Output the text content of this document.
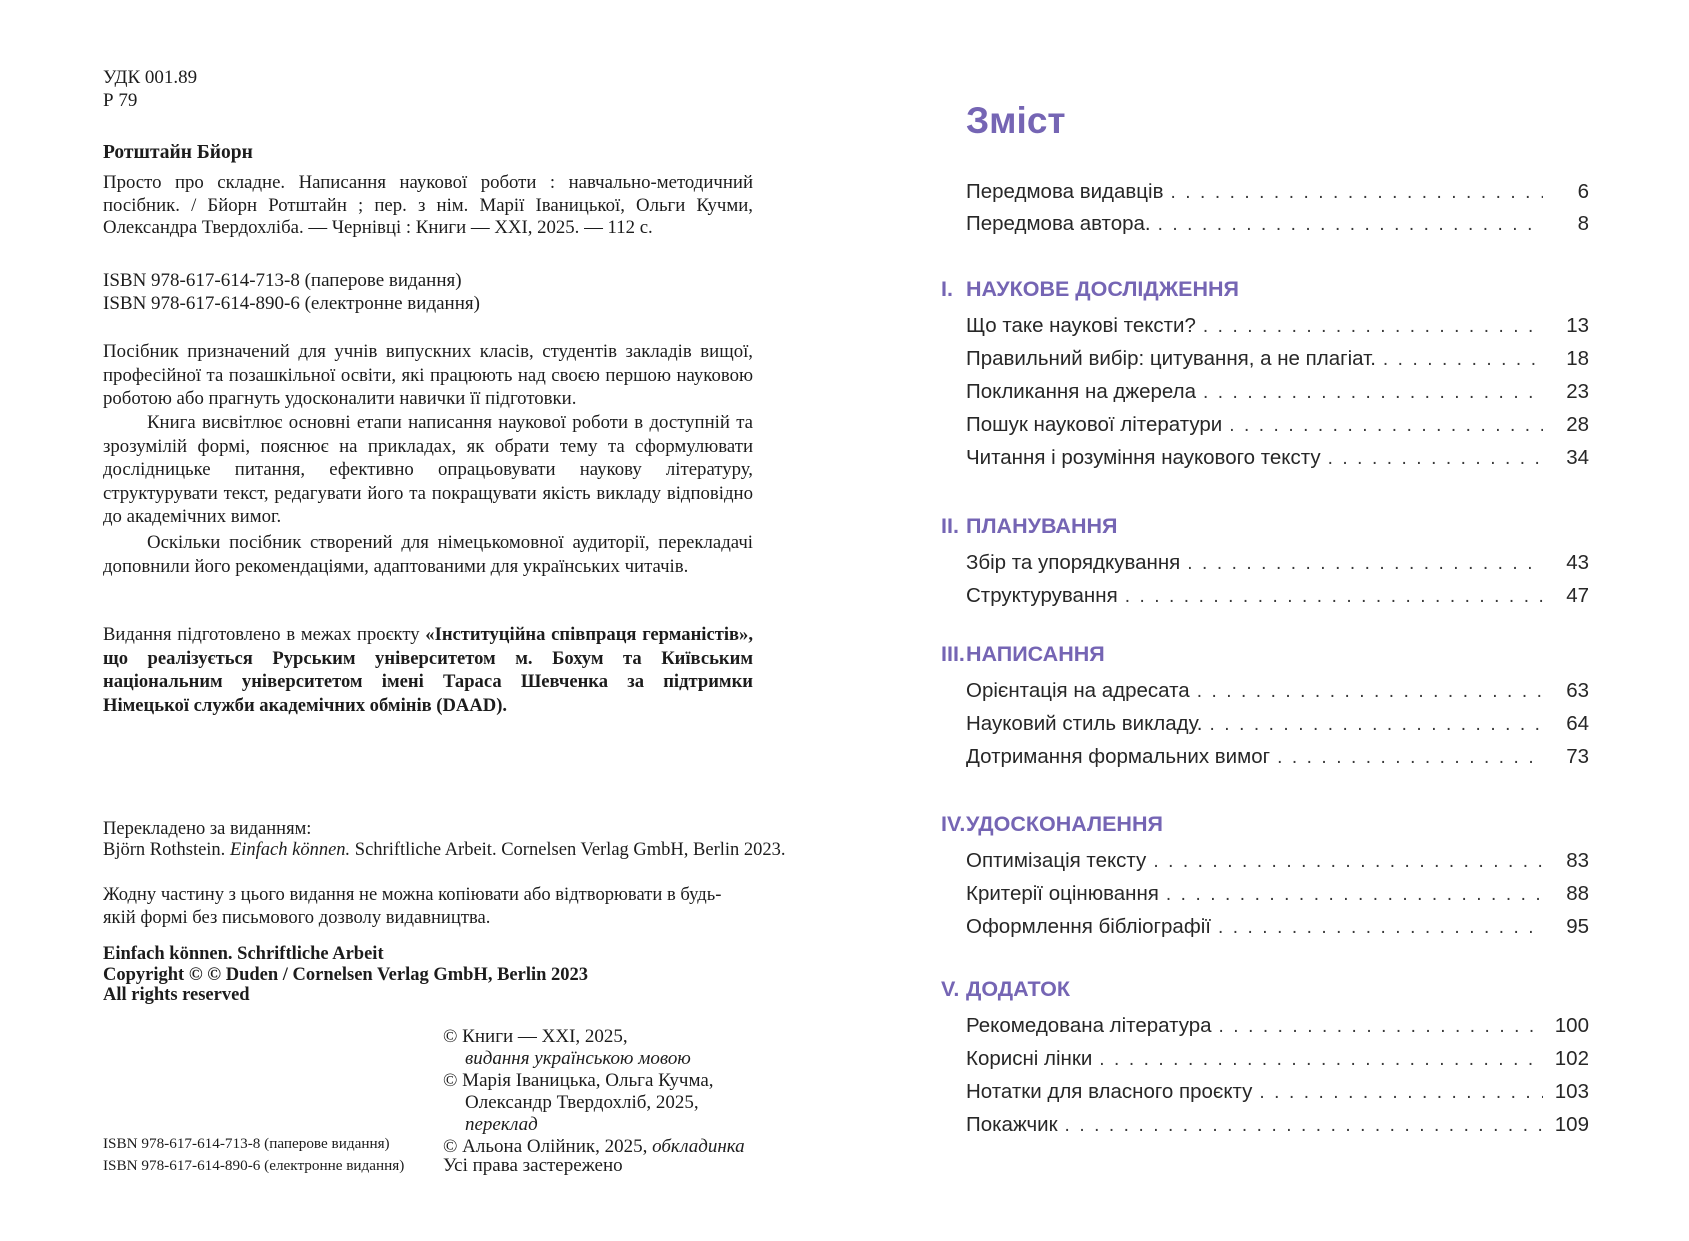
УДК 001.89
Р 79
Ротштайн Бйорн
Просто про складне. Написання наукової роботи : навчально-методичний посібник. / Бйорн Ротштайн ; пер. з нім. Марії Іваницької, Ольги Кучми, Олександра Твердохліба. — Чернівці : Книги — XXI, 2025. — 112 с.
ISBN 978-617-614-713-8 (паперове видання)
ISBN 978-617-614-890-6 (електронне видання)
Посібник призначений для учнів випускних класів, студентів закладів вищої, професійної та позашкільної освіти, які працюють над своєю першою науковою роботою або прагнуть удосконалити навички її підготовки.
Книга висвітлює основні етапи написання наукової роботи в доступній та зрозумілій формі, пояснює на прикладах, як обрати тему та сформулювати дослідницьке питання, ефективно опрацьовувати наукову літературу, структурувати текст, редагувати його та покращувати якість викладу відповідно до академічних вимог.
Оскільки посібник створений для німецькомовної аудиторії, перекладачі доповнили його рекомендаціями, адаптованими для українських читачів.
Видання підготовлено в межах проєкту «Інституційна співпраця германістів», що реалізується Рурським університетом м. Бохум та Київським національним університетом імені Тараса Шевченка за підтримки Німецької служби академічних обмінів (DAAD).
Перекладено за виданням:
Björn Rothstein. Einfach können. Schriftliche Arbeit. Cornelsen Verlag GmbH, Berlin 2023.
Жодну частину з цього видання не можна копіювати або відтворювати в будь-якій формі без письмового дозволу видавництва.
Einfach können. Schriftliche Arbeit
Copyright © © Duden / Cornelsen Verlag GmbH, Berlin 2023
All rights reserved
© Книги — XXI, 2025,
видання українською мовою
© Марія Іваницька, Ольга Кучма,
Олександр Твердохліб, 2025, переклад
© Альона Олійник, 2025, обкладинка
ISBN 978-617-614-713-8 (паперове видання)
ISBN 978-617-614-890-6 (електронне видання) Усі права застережено
Зміст
Передмова видавців .....	6
Передмова автора. .....	8
I. НАУКОВЕ ДОСЛІДЖЕННЯ
Що таке наукові тексти? .....	13
Правильний вибір: цитування, а не плагіат. .....	18
Покликання на джерела .....	23
Пошук наукової літератури .....	28
Читання і розуміння наукового тексту .....	34
II. ПЛАНУВАННЯ
Збір та упорядкування .....	43
Структурування .....	47
III. НАПИСАННЯ
Орієнтація на адресата .....	63
Науковий стиль викладу. .....	64
Дотримання формальних вимог .....	73
IV. УДОСКОНАЛЕННЯ
Оптимізація тексту .....	83
Критерії оцінювання .....	88
Оформлення бібліографії .....	95
V. ДОДАТОК
Рекомедована література .....	100
Корисні лінки .....	102
Нотатки для власного проєкту .....	103
Покажчик .....	109
